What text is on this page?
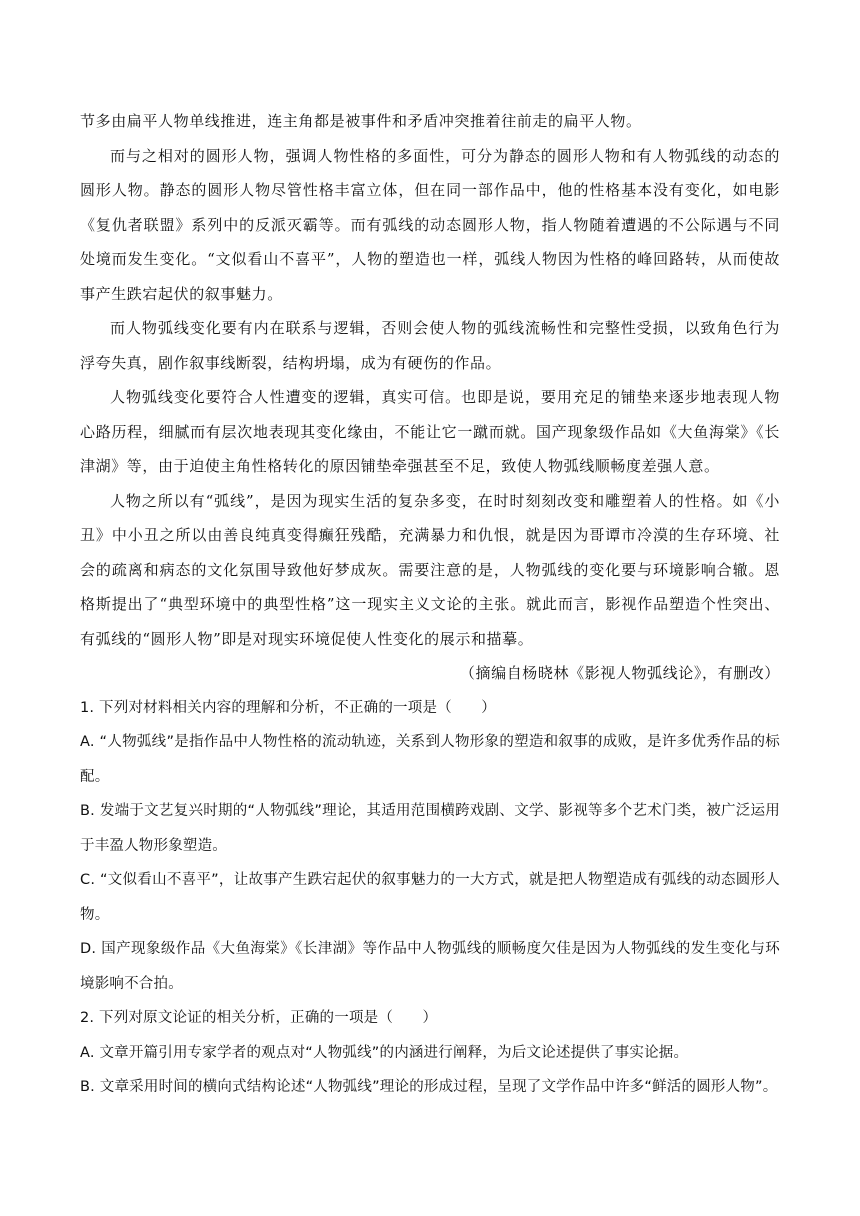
节多由扁平人物单线推进，连主角都是被事件和矛盾冲突推着往前走的扁平人物。

而与之相对的圆形人物，强调人物性格的多面性，可分为静态的圆形人物和有人物弧线的动态的圆形人物。静态的圆形人物尽管性格丰富立体，但在同一部作品中，他的性格基本没有变化，如电影《复仇者联盟》系列中的反派灭霸等。而有弧线的动态圆形人物，指人物随着遭遇的不公际遇与不同处境而发生变化。“文似看山不喜平”，人物的塑造也一样，弧线人物因为性格的峰回路转，从而使故事产生跌宕起伏的叙事魅力。

而人物弧线变化要有内在联系与逻辑，否则会使人物的弧线流畅性和完整性受损，以致角色行为浮夸失真，剧作叙事线断裂，结构坍塌，成为有硬伤的作品。

人物弧线变化要符合人性遭变的逻辑，真实可信。也即是说，要用充足的铺垫来逐步地表现人物心路历程，细腻而有层次地表现其变化缘由，不能让它一蹴而就。国产现象级作品如《大鱼海棠》《长津湖》等，由于迫使主角性格转化的原因铺垫牵强甚至不足，致使人物弧线顺畅度差强人意。

人物之所以有“弧线”，是因为现实生活的复杂多变，在时时刻刻改变和雕塑着人的性格。如《小丑》中小丑之所以由善良纯真变得癫狂残酷，充满暴力和仇恨，就是因为哥谭市冷漠的生存环境、社会的疏离和病态的文化氛围导致他好梦成灰。需要注意的是，人物弧线的变化要与环境影响合辙。恩格斯提出了“典型环境中的典型性格”这一现实主义文论的主张。就此而言，影视作品塑造个性突出、有弧线的“圆形人物”即是对现实环境促使人性变化的展示和描摹。

（摘编自杨晓林《影视人物弧线论》，有删改）

1. 下列对材料相关内容的理解和分析，不正确的一项是（　　）

A. “人物弧线”是指作品中人物性格的流动轨迹，关系到人物形象的塑造和叙事的成败，是许多优秀作品的标配。

B. 发端于文艺复兴时期的“人物弧线”理论，其适用范围横跨戏剧、文学、影视等多个艺术门类，被广泛运用于丰盈人物形象塑造。

C. “文似看山不喜平”，让故事产生跌宕起伏的叙事魅力的一大方式，就是把人物塑造成有弧线的动态圆形人物。

D. 国产现象级作品《大鱼海棠》《长津湖》等作品中人物弧线的顺畅度欠佳是因为人物弧线的发生变化与环境影响不合拍。

2. 下列对原文论证的相关分析，正确的一项是（　　）

A. 文章开篇引用专家学者的观点对“人物弧线”的内涵进行阐释，为后文论述提供了事实论据。

B. 文章采用时间的横向式结构论述“人物弧线”理论的形成过程，呈现了文学作品中许多“鲜活的圆形人物”。
